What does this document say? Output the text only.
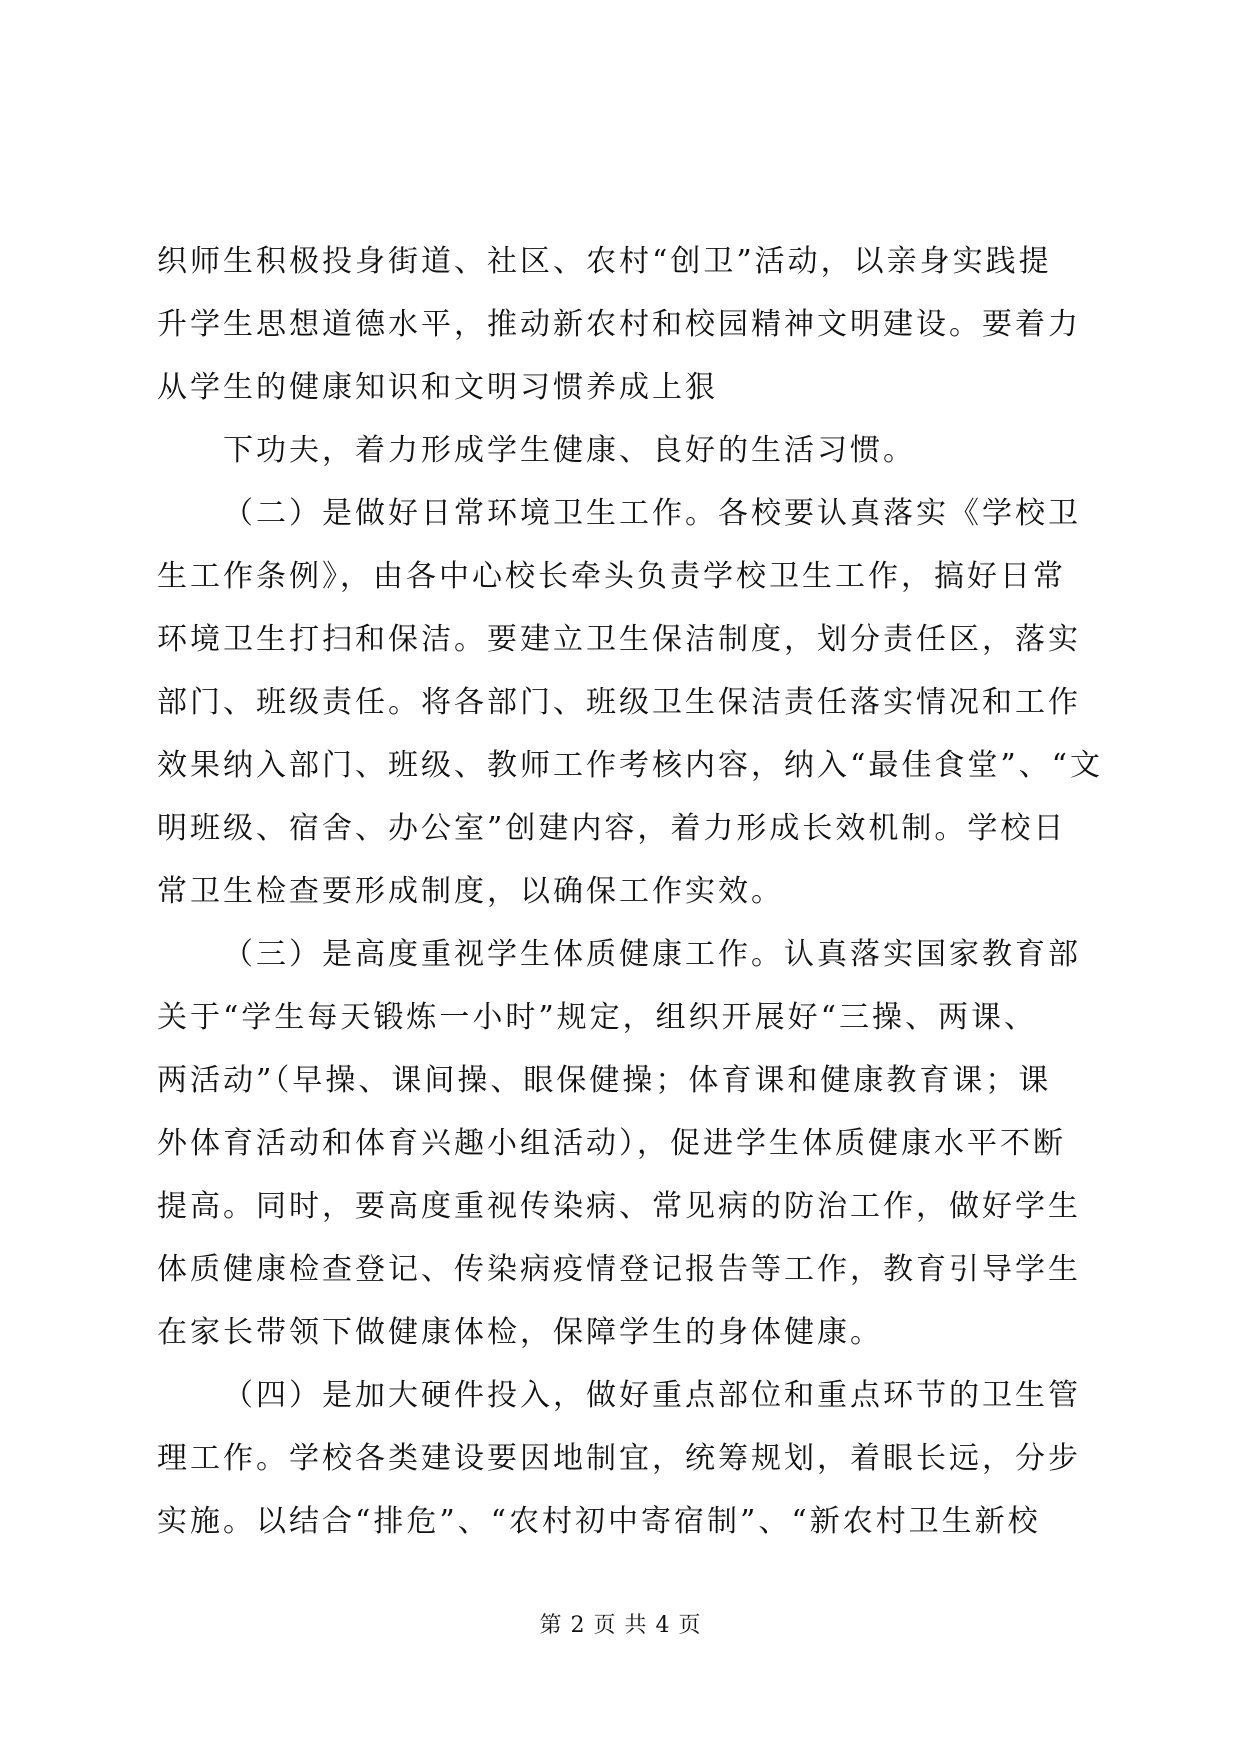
织师生积极投身街道、社区、农村“创卫”活动，以亲身实践提
升学生思想道德水平，推动新农村和校园精神文明建设。要着力
从学生的健康知识和文明习惯养成上狠

下功夫，着力形成学生健康、良好的生活习惯。

（二）是做好日常环境卫生工作。各校要认真落实《学校卫
生工作条例》，由各中心校长牵头负责学校卫生工作，搞好日常
环境卫生打扫和保洁。要建立卫生保洁制度，划分责任区，落实
部门、班级责任。将各部门、班级卫生保洁责任落实情况和工作
效果纳入部门、班级、教师工作考核内容，纳入“最佳食堂”、“文
明班级、宿舍、办公室”创建内容，着力形成长效机制。学校日
常卫生检查要形成制度，以确保工作实效。

（三）是高度重视学生体质健康工作。认真落实国家教育部
关于“学生每天锻炼一小时”规定，组织开展好“三操、两课、
两活动”（早操、课间操、眼保健操；体育课和健康教育课；课
外体育活动和体育兴趣小组活动），促进学生体质健康水平不断
提高。同时，要高度重视传染病、常见病的防治工作，做好学生
体质健康检查登记、传染病疫情登记报告等工作，教育引导学生
在家长带领下做健康体检，保障学生的身体健康。

（四）是加大硬件投入，做好重点部位和重点环节的卫生管
理工作。学校各类建设要因地制宜，统筹规划，着眼长远，分步
实施。以结合“排危”、“农村初中寄宿制”、“新农村卫生新校

第 2 页 共 4 页
